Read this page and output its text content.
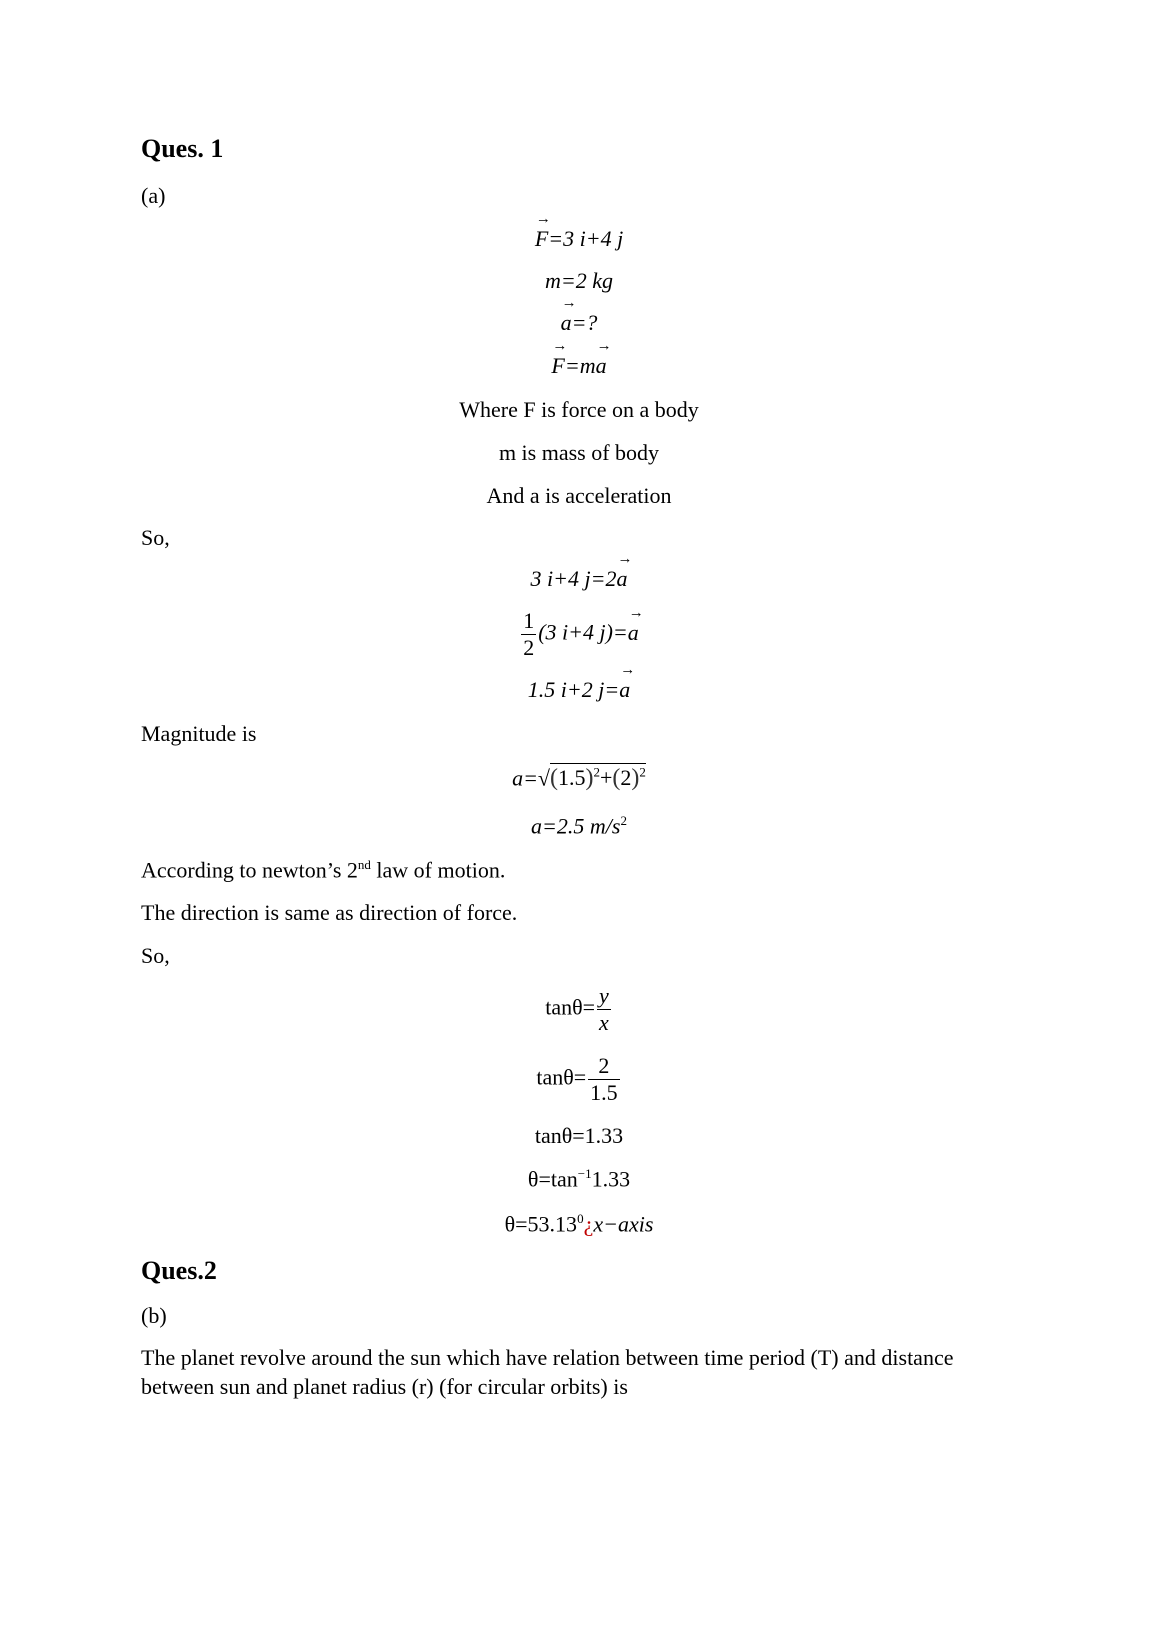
Ques. 1
(a)
→ F=3 i+4 j
m=2 kg
→ a=?
→ F=m→ a
Where F is force on a body
m is mass of body
And a is acceleration
So,
3 i+4 j=2→ a
$\frac{1}{2} (3$ i+4 j)=→ a
1.5 i+2 j=→ a
Magnitude is
$a=√(1.5)^2+(2)^2$
a=2.5 $m/s^2$
According to newton’s 2nd law of motion.
The direction is same as direction of force.
So,
$\tan\theta= \frac{y}{x}$
$\tan\theta= \frac{2}{1.5}$
tanθ=1.33
$\theta=\tan^{-1}1.33$
$\theta=53.13^0¿x-axis$
Ques.2
(b)
The planet revolve around the sun which have relation between time period (T) and distance between sun and planet radius (r) (for circular orbits) is
